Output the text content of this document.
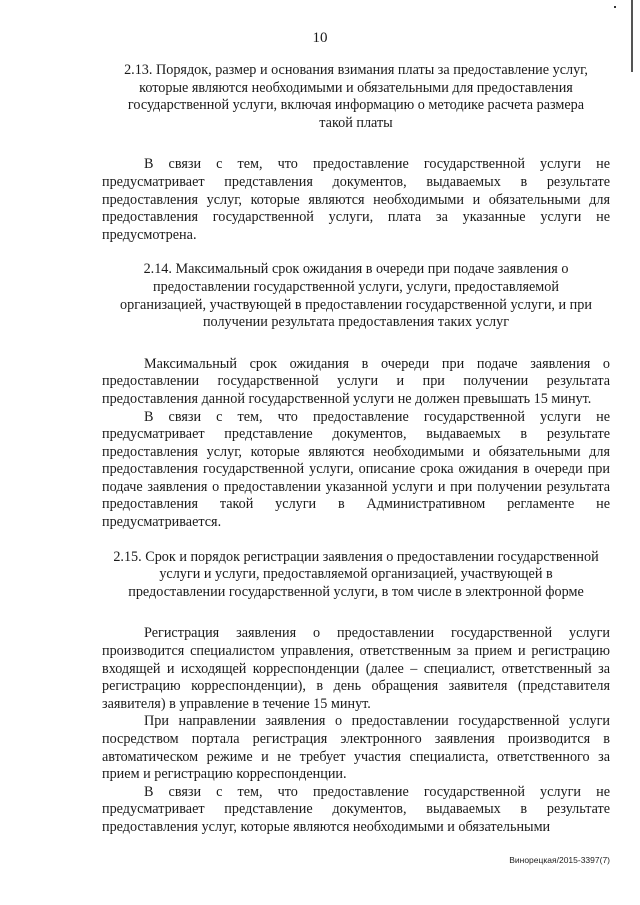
10

2.13. Порядок, размер и основания взимания платы за предоставление услуг, которые являются необходимыми и обязательными для предоставления государственной услуги, включая информацию о методике расчета размера такой платы

В связи с тем, что предоставление государственной услуги не предусматривает представления документов, выдаваемых в результате предоставления услуг, которые являются необходимыми и обязательными для предоставления государственной услуги, плата за указанные услуги не предусмотрена.

2.14. Максимальный срок ожидания в очереди при подаче заявления о предоставлении государственной услуги, услуги, предоставляемой организацией, участвующей в предоставлении государственной услуги, и при получении результата предоставления таких услуг

Максимальный срок ожидания в очереди при подаче заявления о предоставлении государственной услуги и при получении результата предоставления данной государственной услуги не должен превышать 15 минут.

В связи с тем, что предоставление государственной услуги не предусматривает представление документов, выдаваемых в результате предоставления услуг, которые являются необходимыми и обязательными для предоставления государственной услуги, описание срока ожидания в очереди при подаче заявления о предоставлении указанной услуги и при получении результата предоставления такой услуги в Административном регламенте не предусматривается.

2.15. Срок и порядок регистрации заявления о предоставлении государственной услуги и услуги, предоставляемой организацией, участвующей в предоставлении государственной услуги, в том числе в электронной форме

Регистрация заявления о предоставлении государственной услуги производится специалистом управления, ответственным за прием и регистрацию входящей и исходящей корреспонденции (далее – специалист, ответственный за регистрацию корреспонденции), в день обращения заявителя (представителя заявителя) в управление в течение 15 минут.

При направлении заявления о предоставлении государственной услуги посредством портала регистрация электронного заявления производится в автоматическом режиме и не требует участия специалиста, ответственного за прием и регистрацию корреспонденции.

В связи с тем, что предоставление государственной услуги не предусматривает представление документов, выдаваемых в результате предоставления услуг, которые являются необходимыми и обязательными

Винорецкая/2015-3397(7)
